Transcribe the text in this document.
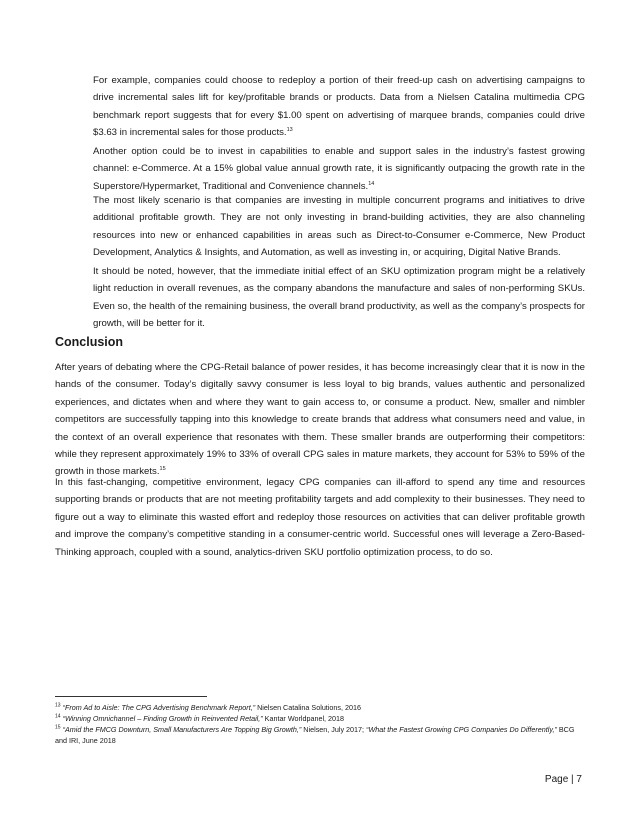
For example, companies could choose to redeploy a portion of their freed-up cash on advertising campaigns to drive incremental sales lift for key/profitable brands or products. Data from a Nielsen Catalina multimedia CPG benchmark report suggests that for every $1.00 spent on advertising of marquee brands, companies could drive $3.63 in incremental sales for those products.$^{13}$

Another option could be to invest in capabilities to enable and support sales in the industry’s fastest growing channel: e-Commerce. At a 15% global value annual growth rate, it is significantly outpacing the growth rate in the Superstore/Hypermarket, Traditional and Convenience channels.$^{14}$

The most likely scenario is that companies are investing in multiple concurrent programs and initiatives to drive additional profitable growth. They are not only investing in brand-building activities, they are also channeling resources into new or enhanced capabilities in areas such as Direct-to-Consumer e-Commerce, New Product Development, Analytics & Insights, and Automation, as well as investing in, or acquiring, Digital Native Brands.

It should be noted, however, that the immediate initial effect of an SKU optimization program might be a relatively light reduction in overall revenues, as the company abandons the manufacture and sales of non-performing SKUs. Even so, the health of the remaining business, the overall brand productivity, as well as the company’s prospects for growth, will be better for it.

Conclusion

After years of debating where the CPG-Retail balance of power resides, it has become increasingly clear that it is now in the hands of the consumer. Today’s digitally savvy consumer is less loyal to big brands, values authentic and personalized experiences, and dictates when and where they want to gain access to, or consume a product. New, smaller and nimbler competitors are successfully tapping into this knowledge to create brands that address what consumers need and value, in the context of an overall experience that resonates with them. These smaller brands are outperforming their competitors: while they represent approximately 19% to 33% of overall CPG sales in mature markets, they account for 53% to 59% of the growth in those markets.$^{15}$

In this fast-changing, competitive environment, legacy CPG companies can ill-afford to spend any time and resources supporting brands or products that are not meeting profitability targets and add complexity to their businesses. They need to figure out a way to eliminate this wasted effort and redeploy those resources on activities that can deliver profitable growth and improve the company’s competitive standing in a consumer-centric world. Successful ones will leverage a Zero-Based-Thinking approach, coupled with a sound, analytics-driven SKU portfolio optimization process, to do so.

$^{13}$ “From Ad to Aisle: The CPG Advertising Benchmark Report,” Nielsen Catalina Solutions, 2016

$^{14}$ “Winning Omnichannel – Finding Growth in Reinvented Retail,” Kantar Worldpanel, 2018

$^{15}$ “Amid the FMCG Downturn, Small Manufacturers Are Topping Big Growth,” Nielsen, July 2017; “What the Fastest Growing CPG Companies Do Differently,” BCG and IRI, June 2018

Page | 7
